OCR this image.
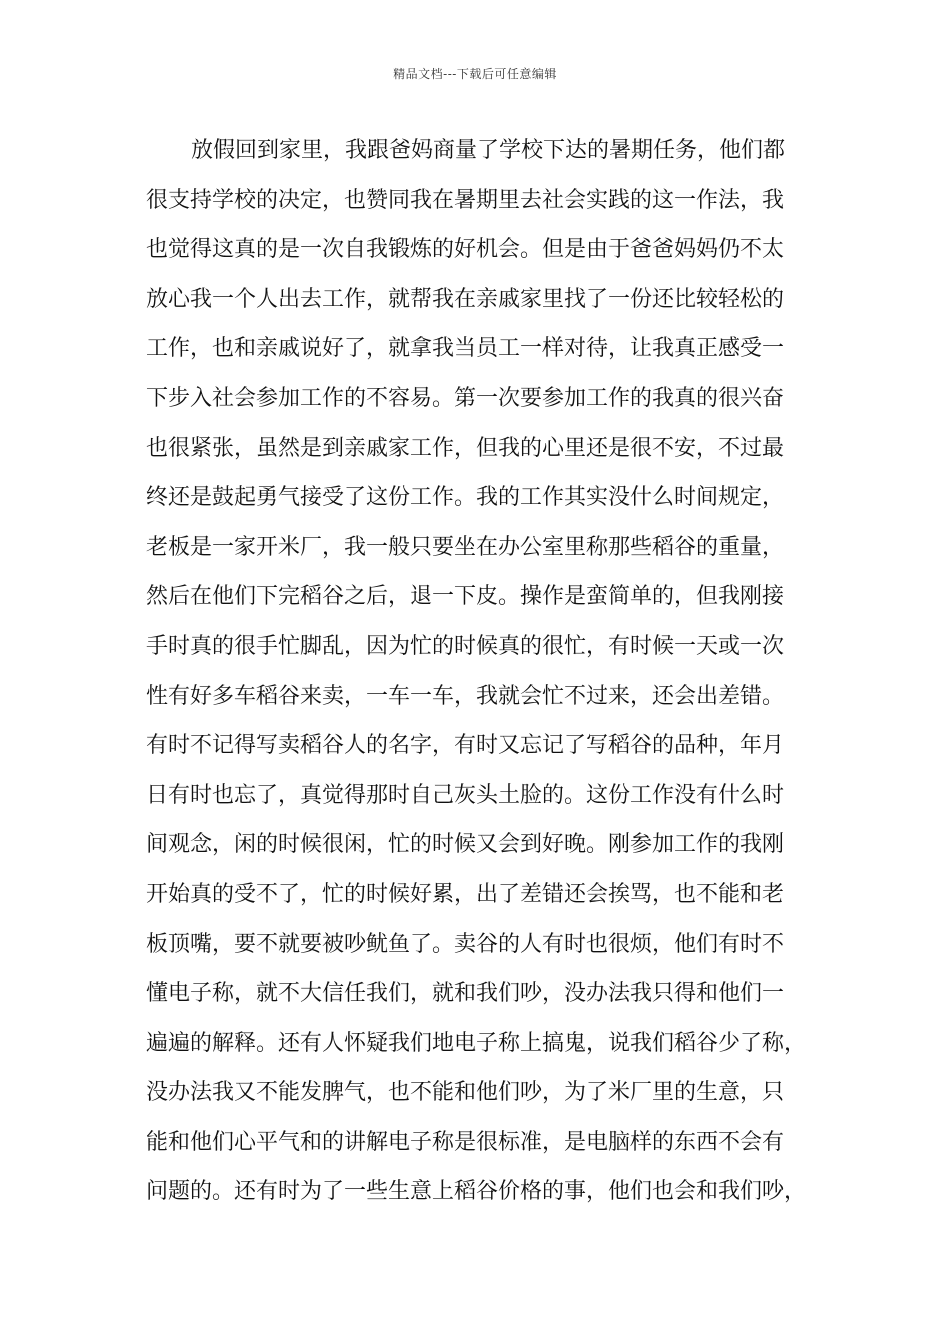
精品文档---下载后可任意编辑
放假回到家里，我跟爸妈商量了学校下达的暑期任务，他们都
很支持学校的决定，也赞同我在暑期里去社会实践的这一作法，我
也觉得这真的是一次自我锻炼的好机会。但是由于爸爸妈妈仍不太
放心我一个人出去工作，就帮我在亲戚家里找了一份还比较轻松的
工作，也和亲戚说好了，就拿我当员工一样对待，让我真正感受一
下步入社会参加工作的不容易。第一次要参加工作的我真的很兴奋
也很紧张，虽然是到亲戚家工作，但我的心里还是很不安，不过最
终还是鼓起勇气接受了这份工作。我的工作其实没什么时间规定，
老板是一家开米厂，我一般只要坐在办公室里称那些稻谷的重量，
然后在他们下完稻谷之后，退一下皮。操作是蛮简单的，但我刚接
手时真的很手忙脚乱，因为忙的时候真的很忙，有时候一天或一次
性有好多车稻谷来卖，一车一车，我就会忙不过来，还会出差错。
有时不记得写卖稻谷人的名字，有时又忘记了写稻谷的品种，年月
日有时也忘了，真觉得那时自己灰头土脸的。这份工作没有什么时
间观念，闲的时候很闲，忙的时候又会到好晚。刚参加工作的我刚
开始真的受不了，忙的时候好累，出了差错还会挨骂，也不能和老
板顶嘴，要不就要被吵鱿鱼了。卖谷的人有时也很烦，他们有时不
懂电子称，就不大信任我们，就和我们吵，没办法我只得和他们一
遍遍的解释。还有人怀疑我们地电子称上搞鬼，说我们稻谷少了称，
没办法我又不能发脾气，也不能和他们吵，为了米厂里的生意，只
能和他们心平气和的讲解电子称是很标准，是电脑样的东西不会有
问题的。还有时为了一些生意上稻谷价格的事，他们也会和我们吵，
